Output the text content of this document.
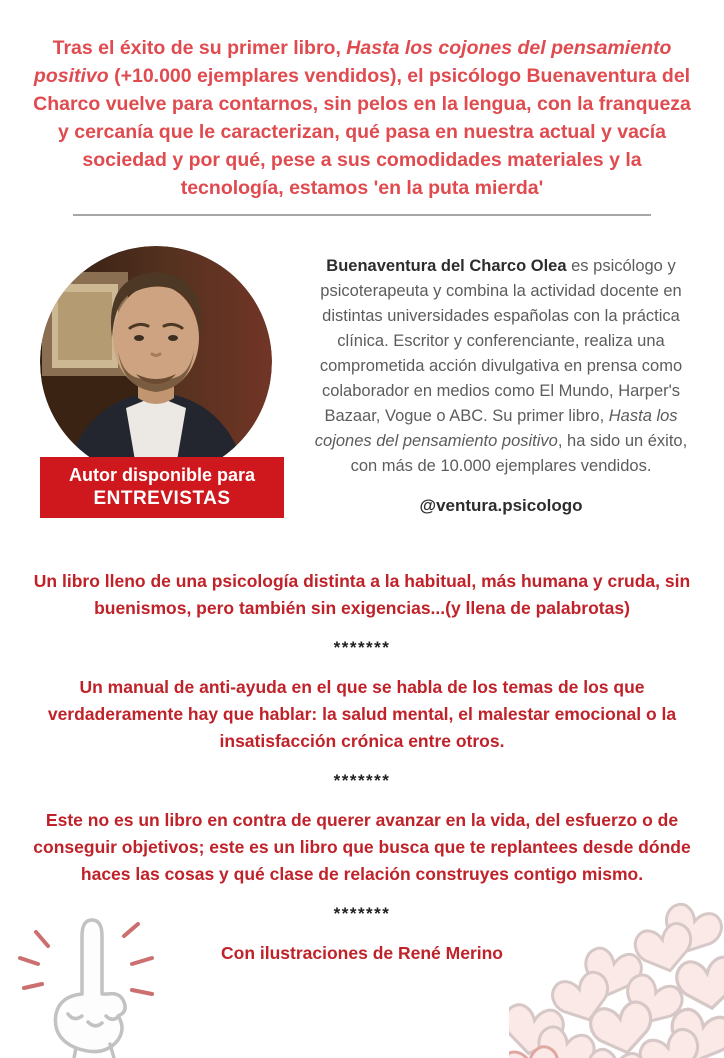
Tras el éxito de su primer libro, Hasta los cojones del pensamiento positivo (+10.000 ejemplares vendidos), el psicólogo Buenaventura del Charco vuelve para contarnos, sin pelos en la lengua, con la franqueza y cercanía que le caracterizan, qué pasa en nuestra actual y vacía sociedad y por qué, pese a sus comodidades materiales y la tecnología, estamos 'en la puta mierda'

Autor disponible para
ENTREVISTAS

Buenaventura del Charco Olea es psicólogo y psicoterapeuta y combina la actividad docente en distintas universidades españolas con la práctica clínica. Escritor y conferenciante, realiza una comprometida acción divulgativa en prensa como colaborador en medios como El Mundo, Harper's Bazaar, Vogue o ABC. Su primer libro, Hasta los cojones del pensamiento positivo, ha sido un éxito, con más de 10.000 ejemplares vendidos.

@ventura.psicologo

Un libro lleno de una psicología distinta a la habitual, más humana y cruda, sin buenismos, pero también sin exigencias...(y llena de palabrotas)

*******

Un manual de anti-ayuda en el que se habla de los temas de los que verdaderamente hay que hablar: la salud mental, el malestar emocional o la insatisfacción crónica entre otros.

*******

Este no es un libro en contra de querer avanzar en la vida, del esfuerzo o de conseguir objetivos; este es un libro que busca que te replantees desde dónde haces las cosas y qué clase de relación construyes contigo mismo.

*******

Con ilustraciones de René Merino
